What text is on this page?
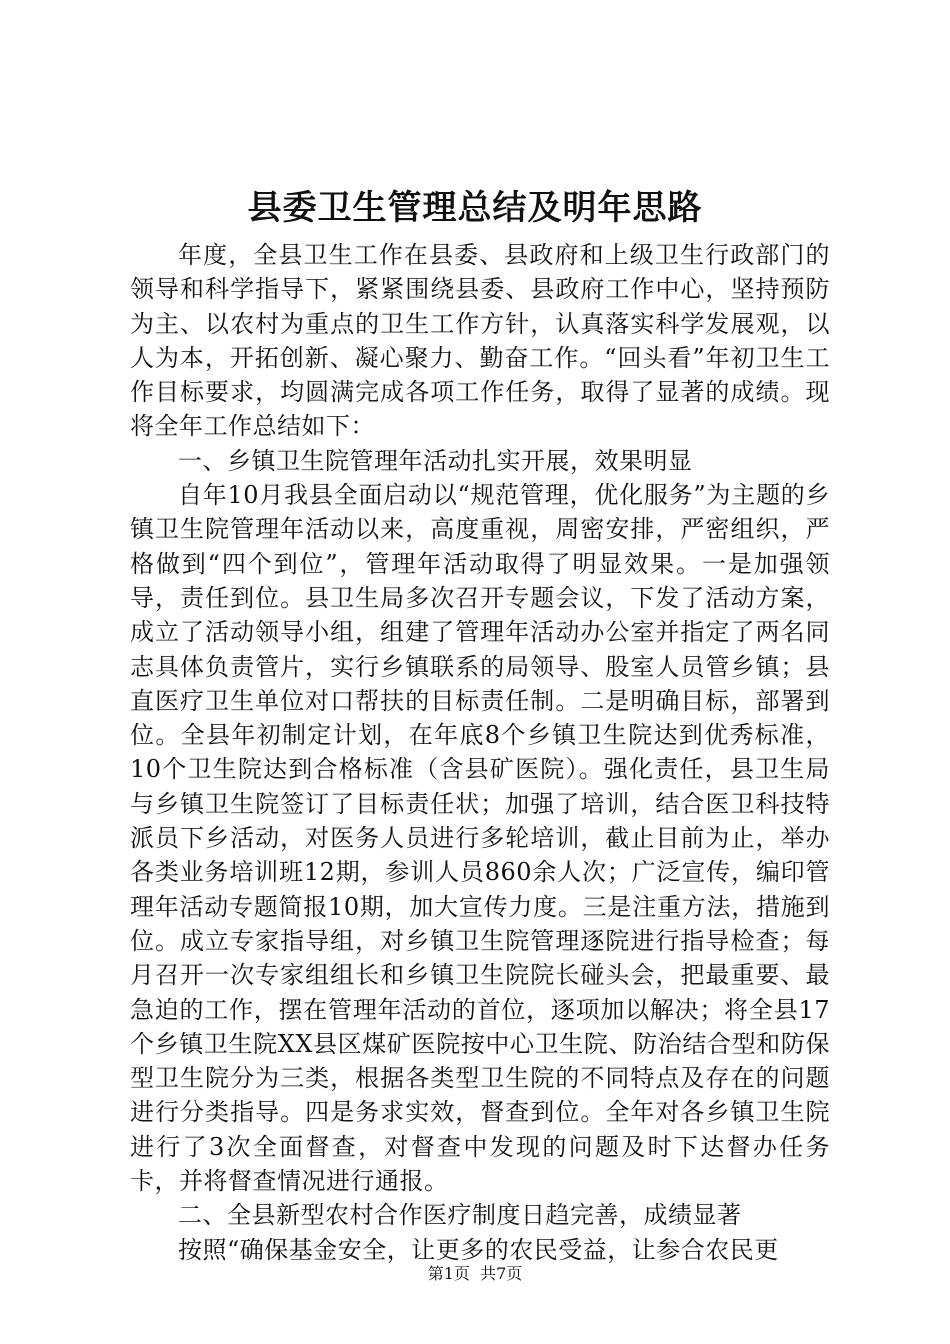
县委卫生管理总结及明年思路

年度，全县卫生工作在县委、县政府和上级卫生行政部门的领导和科学指导下，紧紧围绕县委、县政府工作中心，坚持预防为主、以农村为重点的卫生工作方针，认真落实科学发展观，以人为本，开拓创新、凝心聚力、勤奋工作。“回头看”年初卫生工作目标要求，均圆满完成各项工作任务，取得了显著的成绩。现将全年工作总结如下：

一、乡镇卫生院管理年活动扎实开展，效果明显

自年10月我县全面启动以“规范管理，优化服务”为主题的乡镇卫生院管理年活动以来，高度重视，周密安排，严密组织，严格做到“四个到位”，管理年活动取得了明显效果。一是加强领导，责任到位。县卫生局多次召开专题会议，下发了活动方案，成立了活动领导小组，组建了管理年活动办公室并指定了两名同志具体负责管片，实行乡镇联系的局领导、股室人员管乡镇；县直医疗卫生单位对口帮扶的目标责任制。二是明确目标，部署到位。全县年初制定计划，在年底8个乡镇卫生院达到优秀标准，10个卫生院达到合格标准（含县矿医院）。强化责任，县卫生局与乡镇卫生院签订了目标责任状；加强了培训，结合医卫科技特派员下乡活动，对医务人员进行多轮培训，截止目前为止，举办各类业务培训班12期，参训人员860余人次；广泛宣传，编印管理年活动专题简报10期，加大宣传力度。三是注重方法，措施到位。成立专家指导组，对乡镇卫生院管理逐院进行指导检查；每月召开一次专家组组长和乡镇卫生院院长碰头会，把最重要、最急迫的工作，摆在管理年活动的首位，逐项加以解决；将全县17个乡镇卫生院XX县区煤矿医院按中心卫生院、防治结合型和防保型卫生院分为三类，根据各类型卫生院的不同特点及存在的问题进行分类指导。四是务求实效，督查到位。全年对各乡镇卫生院进行了3次全面督查，对督查中发现的问题及时下达督办任务卡，并将督查情况进行通报。

二、全县新型农村合作医疗制度日趋完善，成绩显著

按照“确保基金安全，让更多的农民受益，让参合农民更

第1页  共7页
